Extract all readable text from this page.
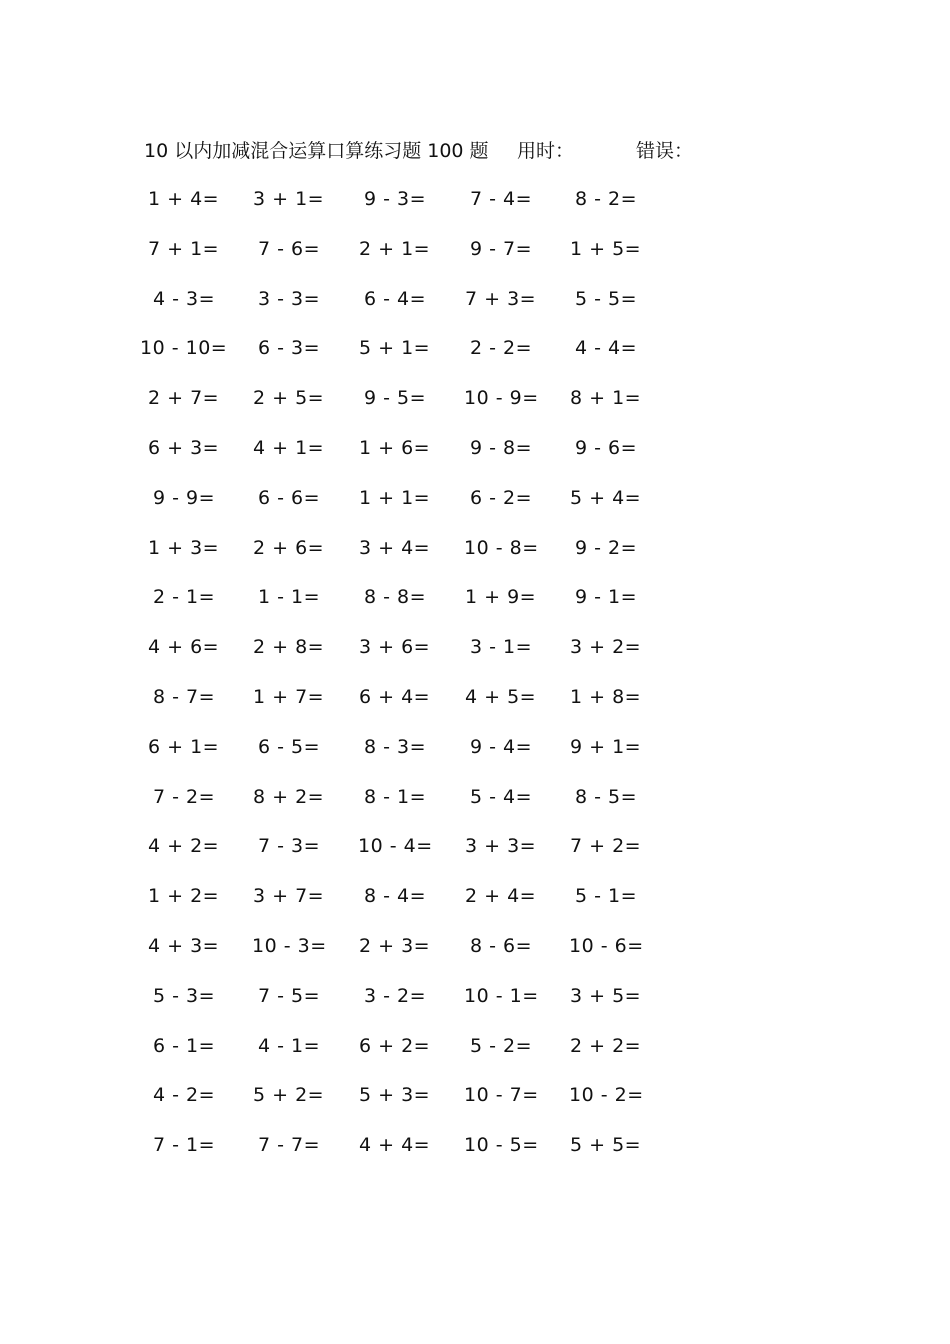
10 以内加减混合运算口算练习题 100 题 用时：	错误：
1 + 4= 3 + 1= 9 - 3= 7 - 4= 8 - 2=
7 + 1= 7 - 6= 2 + 1= 9 - 7= 1 + 5=
4 - 3= 3 - 3= 6 - 4= 7 + 3= 5 - 5=
10 - 10= 6 - 3= 5 + 1= 2 - 2= 4 - 4=
2 + 7= 2 + 5= 9 - 5= 10 - 9= 8 + 1=
6 + 3= 4 + 1= 1 + 6= 9 - 8= 9 - 6=
9 - 9= 6 - 6= 1 + 1= 6 - 2= 5 + 4=
1 + 3= 2 + 6= 3 + 4= 10 - 8= 9 - 2=
2 - 1= 1 - 1= 8 - 8= 1 + 9= 9 - 1=
4 + 6= 2 + 8= 3 + 6= 3 - 1= 3 + 2=
8 - 7= 1 + 7= 6 + 4= 4 + 5= 1 + 8=
6 + 1= 6 - 5= 8 - 3= 9 - 4= 9 + 1=
7 - 2= 8 + 2= 8 - 1= 5 - 4= 8 - 5=
4 + 2= 7 - 3= 10 - 4= 3 + 3= 7 + 2=
1 + 2= 3 + 7= 8 - 4= 2 + 4= 5 - 1=
4 + 3= 10 - 3= 2 + 3= 8 - 6= 10 - 6=
5 - 3= 7 - 5= 3 - 2= 10 - 1= 3 + 5=
6 - 1= 4 - 1= 6 + 2= 5 - 2= 2 + 2=
4 - 2= 5 + 2= 5 + 3= 10 - 7= 10 - 2=
7 - 1= 7 - 7= 4 + 4= 10 - 5= 5 + 5=
